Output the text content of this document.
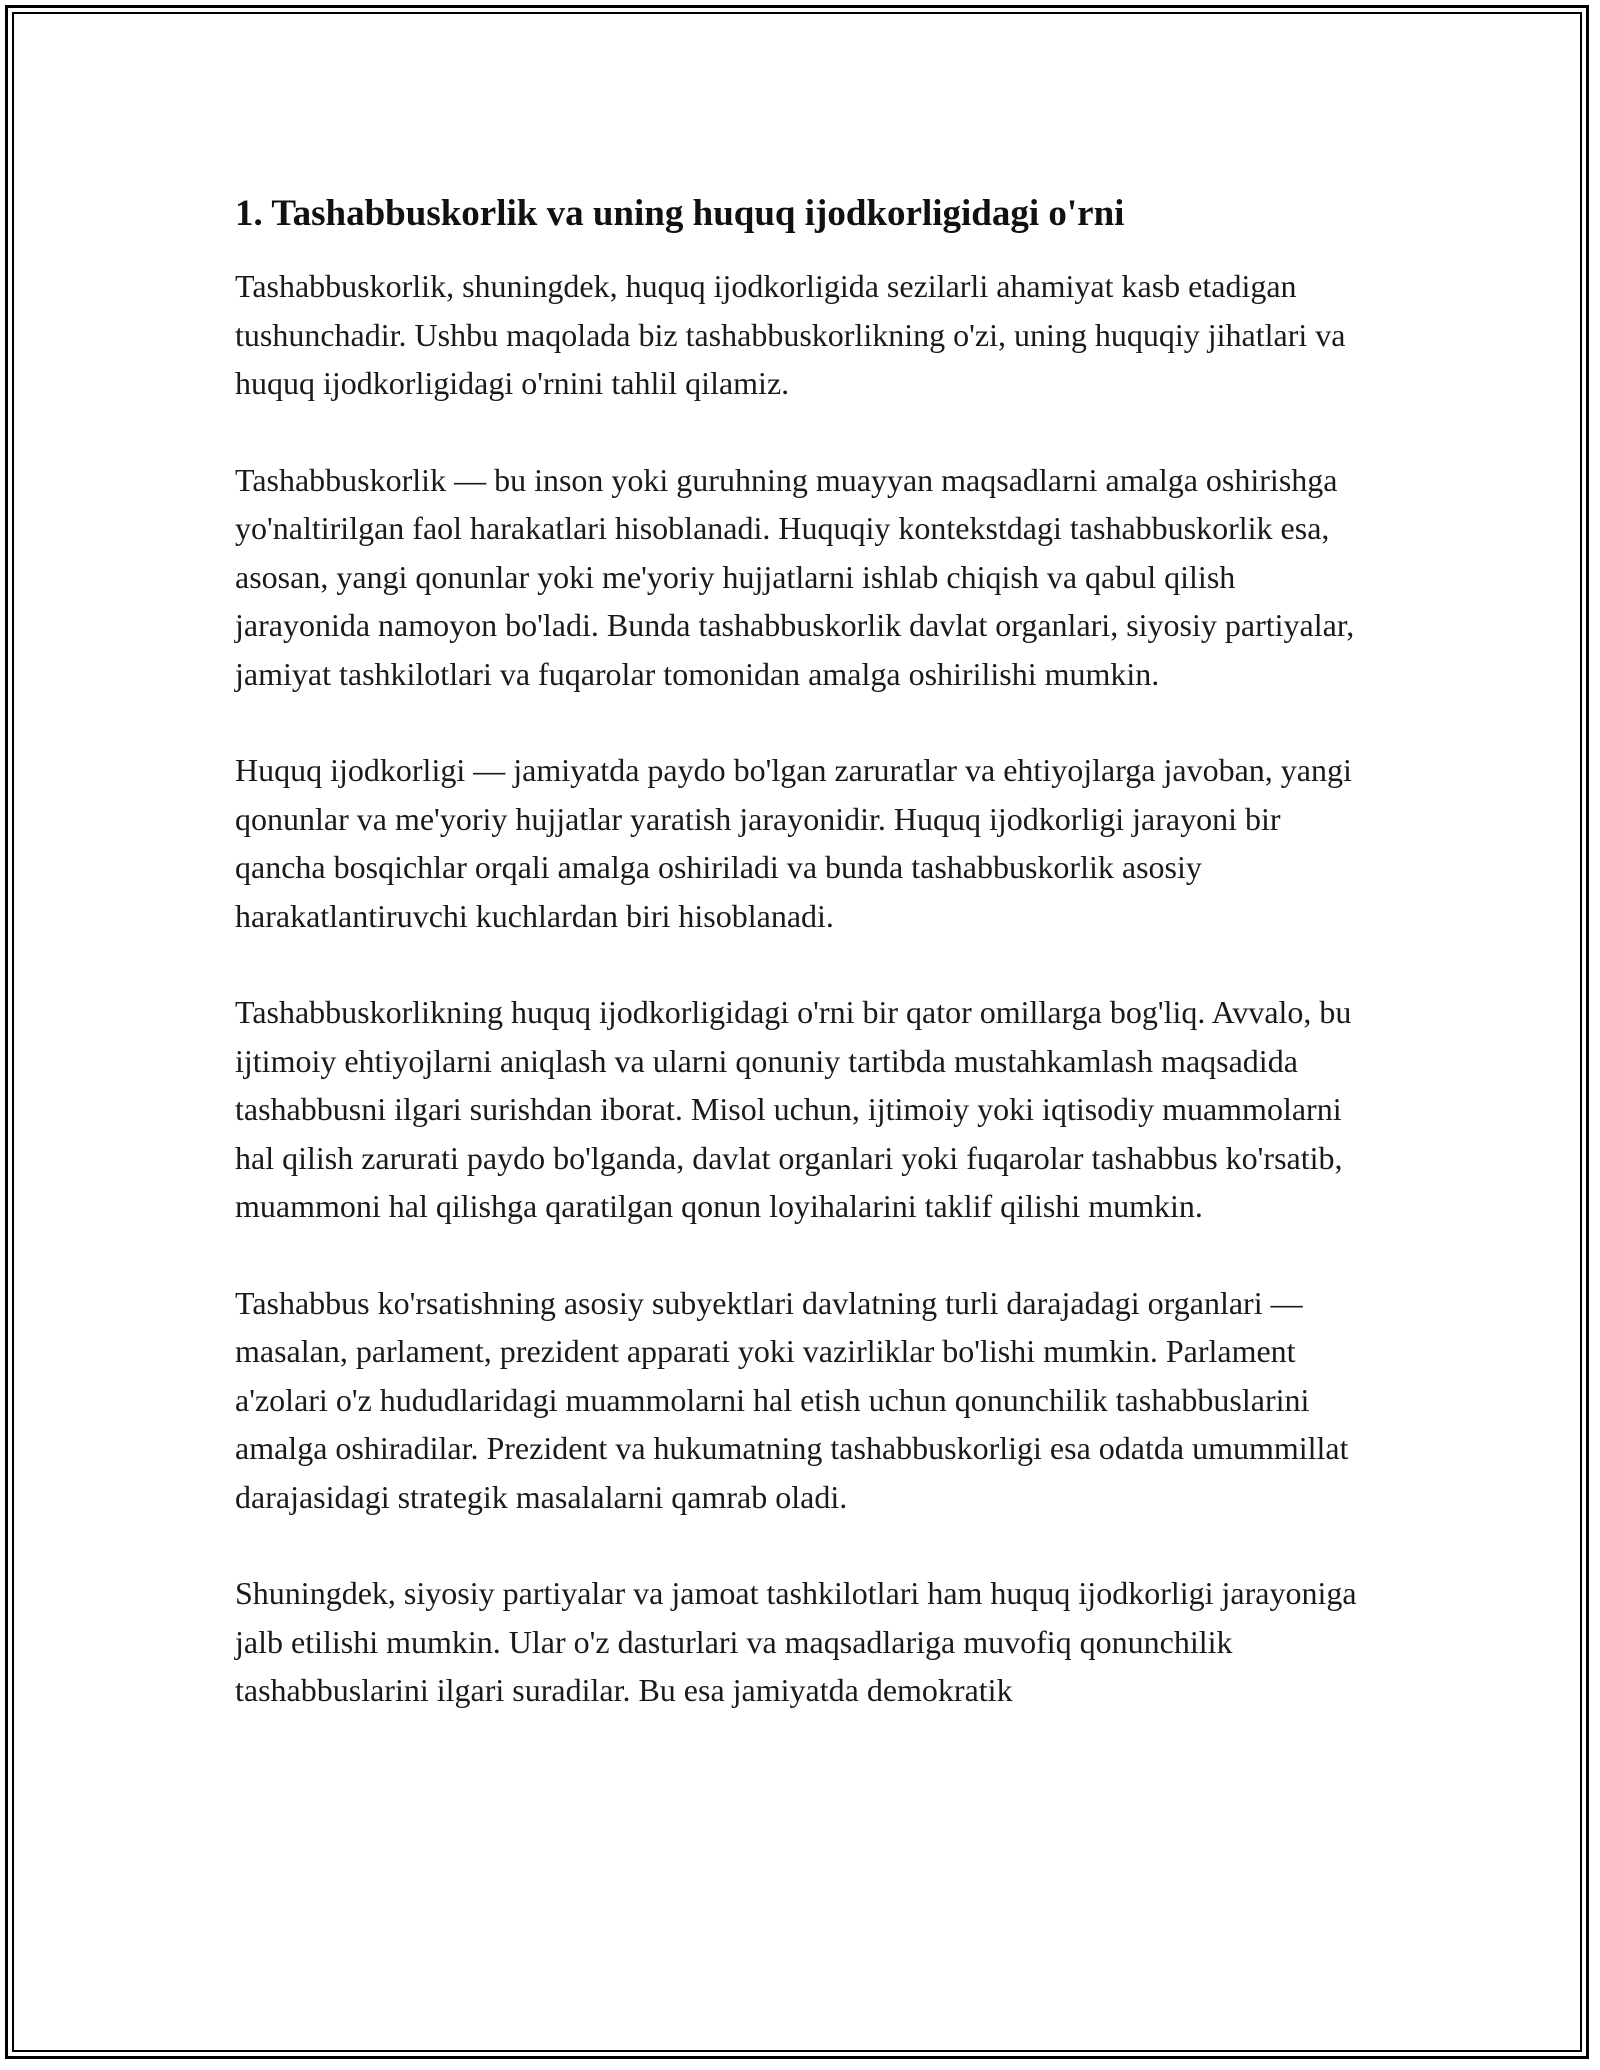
1. Tashabbuskorlik va uning huquq ijodkorligidagi o'rni

Tashabbuskorlik, shuningdek, huquq ijodkorligida sezilarli ahamiyat kasb etadigan tushunchadir. Ushbu maqolada biz tashabbuskorlikning o'zi, uning huquqiy jihatlari va huquq ijodkorligidagi o'rnini tahlil qilamiz.

Tashabbuskorlik — bu inson yoki guruhning muayyan maqsadlarni amalga oshirishga yo'naltirilgan faol harakatlari hisoblanadi. Huquqiy kontekstdagi tashabbuskorlik esa, asosan, yangi qonunlar yoki me'yoriy hujjatlarni ishlab chiqish va qabul qilish jarayonida namoyon bo'ladi. Bunda tashabbuskorlik davlat organlari, siyosiy partiyalar, jamiyat tashkilotlari va fuqarolar tomonidan amalga oshirilishi mumkin.

Huquq ijodkorligi — jamiyatda paydo bo'lgan zaruratlar va ehtiyojlarga javoban, yangi qonunlar va me'yoriy hujjatlar yaratish jarayonidir. Huquq ijodkorligi jarayoni bir qancha bosqichlar orqali amalga oshiriladi va bunda tashabbuskorlik asosiy harakatlantiruvchi kuchlardan biri hisoblanadi.

Tashabbuskorlikning huquq ijodkorligidagi o'rni bir qator omillarga bog'liq. Avvalo, bu ijtimoiy ehtiyojlarni aniqlash va ularni qonuniy tartibda mustahkamlash maqsadida tashabbusni ilgari surishdan iborat. Misol uchun, ijtimoiy yoki iqtisodiy muammolarni hal qilish zarurati paydo bo'lganda, davlat organlari yoki fuqarolar tashabbus ko'rsatib, muammoni hal qilishga qaratilgan qonun loyihalarini taklif qilishi mumkin.

Tashabbus ko'rsatishning asosiy subyektlari davlatning turli darajadagi organlari — masalan, parlament, prezident apparati yoki vazirliklar bo'lishi mumkin. Parlament a'zolari o'z hududlaridagi muammolarni hal etish uchun qonunchilik tashabbuslarini amalga oshiradilar. Prezident va hukumatning tashabbuskorligi esa odatda umummillat darajasidagi strategik masalalarni qamrab oladi.

Shuningdek, siyosiy partiyalar va jamoat tashkilotlari ham huquq ijodkorligi jarayoniga jalb etilishi mumkin. Ular o'z dasturlari va maqsadlariga muvofiq qonunchilik tashabbuslarini ilgari suradilar. Bu esa jamiyatda demokratik
